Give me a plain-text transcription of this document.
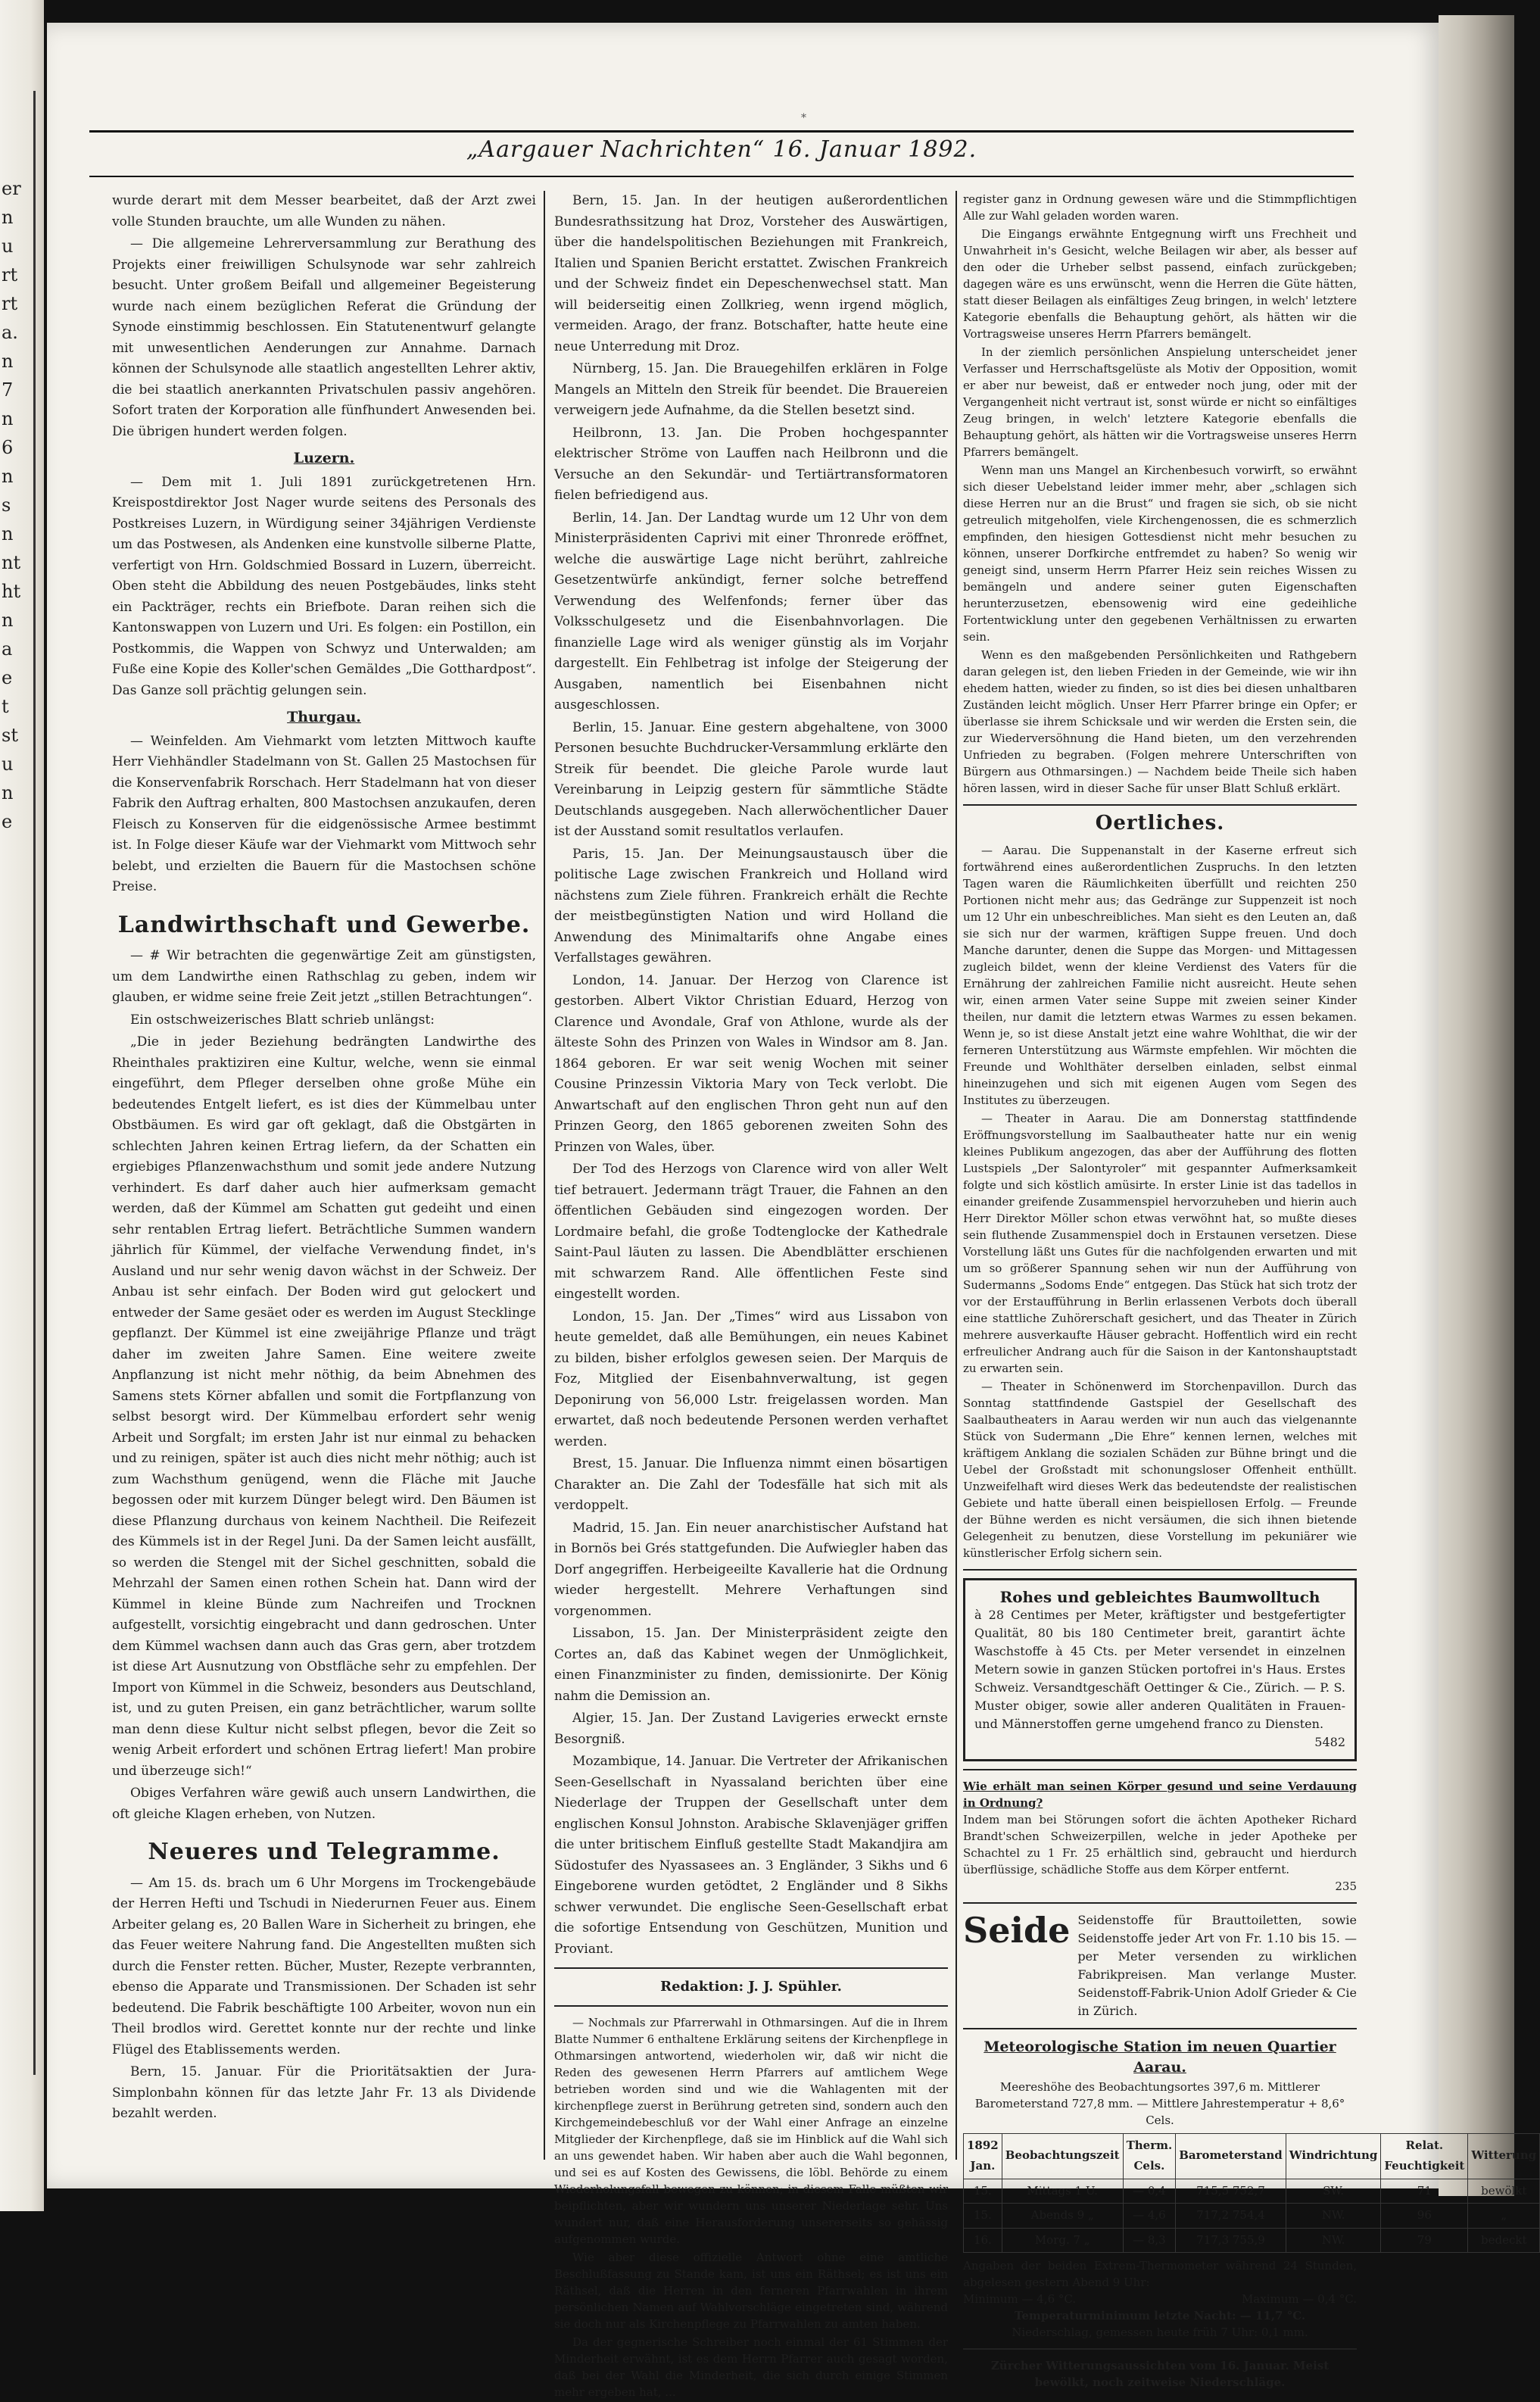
er
n
u
rt
rt
a.
n
7
n
6
n
s
n
nt
ht
n
a
e
t
st
u
n
e
*
„Aargauer Nachrichten“ 16. Januar 1892.

wurde derart mit dem Messer bearbeitet, daß der Arzt zwei volle Stunden brauchte, um alle Wunden zu nähen.

— Die allgemeine Lehrerversammlung zur Berathung des Projekts einer freiwilligen Schulsynode war sehr zahlreich besucht. Unter großem Beifall und allgemeiner Begeisterung wurde nach einem bezüglichen Referat die Gründung der Synode einstimmig beschlossen. Ein Statutenentwurf gelangte mit unwesentlichen Aenderungen zur Annahme. Darnach können der Schulsynode alle staatlich angestellten Lehrer aktiv, die bei staatlich anerkannten Privatschulen passiv angehören. Sofort traten der Korporation alle fünfhundert Anwesenden bei. Die übrigen hundert werden folgen.

Luzern.

— Dem mit 1. Juli 1891 zurückgetretenen Hrn. Kreispostdirektor Jost Nager wurde seitens des Personals des Postkreises Luzern, in Würdigung seiner 34jährigen Verdienste um das Postwesen, als Andenken eine kunstvolle silberne Platte, verfertigt von Hrn. Goldschmied Bossard in Luzern, überreicht. Oben steht die Abbildung des neuen Postgebäudes, links steht ein Packträger, rechts ein Briefbote. Daran reihen sich die Kantonswappen von Luzern und Uri. Es folgen: ein Postillon, ein Postkommis, die Wappen von Schwyz und Unterwalden; am Fuße eine Kopie des Koller'schen Gemäldes „Die Gotthardpost“. Das Ganze soll prächtig gelungen sein.

Thurgau.

— Weinfelden. Am Viehmarkt vom letzten Mittwoch kaufte Herr Viehhändler Stadelmann von St. Gallen 25 Mastochsen für die Konservenfabrik Rorschach. Herr Stadelmann hat von dieser Fabrik den Auftrag erhalten, 800 Mastochsen anzukaufen, deren Fleisch zu Konserven für die eidgenössische Armee bestimmt ist. In Folge dieser Käufe war der Viehmarkt vom Mittwoch sehr belebt, und erzielten die Bauern für die Mastochsen schöne Preise.

Landwirthschaft und Gewerbe.

— # Wir betrachten die gegenwärtige Zeit am günstigsten, um dem Landwirthe einen Rathschlag zu geben, indem wir glauben, er widme seine freie Zeit jetzt „stillen Betrachtungen“.

Ein ostschweizerisches Blatt schrieb unlängst:

„Die in jeder Beziehung bedrängten Landwirthe des Rheinthales praktiziren eine Kultur, welche, wenn sie einmal eingeführt, dem Pfleger derselben ohne große Mühe ein bedeutendes Entgelt liefert, es ist dies der Kümmelbau unter Obstbäumen. Es wird gar oft geklagt, daß die Obstgärten in schlechten Jahren keinen Ertrag liefern, da der Schatten ein ergiebiges Pflanzenwachsthum und somit jede andere Nutzung verhindert. Es darf daher auch hier aufmerksam gemacht werden, daß der Kümmel am Schatten gut gedeiht und einen sehr rentablen Ertrag liefert. Beträchtliche Summen wandern jährlich für Kümmel, der vielfache Verwendung findet, in's Ausland und nur sehr wenig davon wächst in der Schweiz. Der Anbau ist sehr einfach. Der Boden wird gut gelockert und entweder der Same gesäet oder es werden im August Stecklinge gepflanzt. Der Kümmel ist eine zweijährige Pflanze und trägt daher im zweiten Jahre Samen. Eine weitere zweite Anpflanzung ist nicht mehr nöthig, da beim Abnehmen des Samens stets Körner abfallen und somit die Fortpflanzung von selbst besorgt wird. Der Kümmelbau erfordert sehr wenig Arbeit und Sorgfalt; im ersten Jahr ist nur einmal zu behacken und zu reinigen, später ist auch dies nicht mehr nöthig; auch ist zum Wachsthum genügend, wenn die Fläche mit Jauche begossen oder mit kurzem Dünger belegt wird. Den Bäumen ist diese Pflanzung durchaus von keinem Nachtheil. Die Reifezeit des Kümmels ist in der Regel Juni. Da der Samen leicht ausfällt, so werden die Stengel mit der Sichel geschnitten, sobald die Mehrzahl der Samen einen rothen Schein hat. Dann wird der Kümmel in kleine Bünde zum Nachreifen und Trocknen aufgestellt, vorsichtig eingebracht und dann gedroschen. Unter dem Kümmel wachsen dann auch das Gras gern, aber trotzdem ist diese Art Ausnutzung von Obstfläche sehr zu empfehlen. Der Import von Kümmel in die Schweiz, besonders aus Deutschland, ist, und zu guten Preisen, ein ganz beträchtlicher, warum sollte man denn diese Kultur nicht selbst pflegen, bevor die Zeit so wenig Arbeit erfordert und schönen Ertrag liefert! Man probire und überzeuge sich!“

Obiges Verfahren wäre gewiß auch unsern Landwirthen, die oft gleiche Klagen erheben, von Nutzen.

Neueres und Telegramme.

— Am 15. ds. brach um 6 Uhr Morgens im Trockengebäude der Herren Hefti und Tschudi in Niederurnen Feuer aus. Einem Arbeiter gelang es, 20 Ballen Ware in Sicherheit zu bringen, ehe das Feuer weitere Nahrung fand. Die Angestellten mußten sich durch die Fenster retten. Bücher, Muster, Rezepte verbrannten, ebenso die Apparate und Transmissionen. Der Schaden ist sehr bedeutend. Die Fabrik beschäftigte 100 Arbeiter, wovon nun ein Theil brodlos wird. Gerettet konnte nur der rechte und linke Flügel des Etablissements werden.

Bern, 15. Januar. Für die Prioritätsaktien der Jura-Simplonbahn können für das letzte Jahr Fr. 13 als Dividende bezahlt werden.

Bern, 15. Jan. In der heutigen außerordentlichen Bundesrathssitzung hat Droz, Vorsteher des Auswärtigen, über die handelspolitischen Beziehungen mit Frankreich, Italien und Spanien Bericht erstattet. Zwischen Frankreich und der Schweiz findet ein Depeschenwechsel statt. Man will beiderseitig einen Zollkrieg, wenn irgend möglich, vermeiden. Arago, der franz. Botschafter, hatte heute eine neue Unterredung mit Droz.

Nürnberg, 15. Jan. Die Brauegehilfen erklären in Folge Mangels an Mitteln den Streik für beendet. Die Brauereien verweigern jede Aufnahme, da die Stellen besetzt sind.

Heilbronn, 13. Jan. Die Proben hochgespannter elektrischer Ströme von Lauffen nach Heilbronn und die Versuche an den Sekundär- und Tertiärtransformatoren fielen befriedigend aus.

Berlin, 14. Jan. Der Landtag wurde um 12 Uhr von dem Ministerpräsidenten Caprivi mit einer Thronrede eröffnet, welche die auswärtige Lage nicht berührt, zahlreiche Gesetzentwürfe ankündigt, ferner solche betreffend Verwendung des Welfenfonds; ferner über das Volksschulgesetz und die Eisenbahnvorlagen. Die finanzielle Lage wird als weniger günstig als im Vorjahr dargestellt. Ein Fehlbetrag ist infolge der Steigerung der Ausgaben, namentlich bei Eisenbahnen nicht ausgeschlossen.

Berlin, 15. Januar. Eine gestern abgehaltene, von 3000 Personen besuchte Buchdrucker-Versammlung erklärte den Streik für beendet. Die gleiche Parole wurde laut Vereinbarung in Leipzig gestern für sämmtliche Städte Deutschlands ausgegeben. Nach allerwöchentlicher Dauer ist der Ausstand somit resultatlos verlaufen.

Paris, 15. Jan. Der Meinungsaustausch über die politische Lage zwischen Frankreich und Holland wird nächstens zum Ziele führen. Frankreich erhält die Rechte der meistbegünstigten Nation und wird Holland die Anwendung des Minimaltarifs ohne Angabe eines Verfallstages gewähren.

London, 14. Januar. Der Herzog von Clarence ist gestorben. Albert Viktor Christian Eduard, Herzog von Clarence und Avondale, Graf von Athlone, wurde als der älteste Sohn des Prinzen von Wales in Windsor am 8. Jan. 1864 geboren. Er war seit wenig Wochen mit seiner Cousine Prinzessin Viktoria Mary von Teck verlobt. Die Anwartschaft auf den englischen Thron geht nun auf den Prinzen Georg, den 1865 geborenen zweiten Sohn des Prinzen von Wales, über.

Der Tod des Herzogs von Clarence wird von aller Welt tief betrauert. Jedermann trägt Trauer, die Fahnen an den öffentlichen Gebäuden sind eingezogen worden. Der Lordmaire befahl, die große Todtenglocke der Kathedrale Saint-Paul läuten zu lassen. Die Abendblätter erschienen mit schwarzem Rand. Alle öffentlichen Feste sind eingestellt worden.

London, 15. Jan. Der „Times“ wird aus Lissabon von heute gemeldet, daß alle Bemühungen, ein neues Kabinet zu bilden, bisher erfolglos gewesen seien. Der Marquis de Foz, Mitglied der Eisenbahnverwaltung, ist gegen Deponirung von 56,000 Lstr. freigelassen worden. Man erwartet, daß noch bedeutende Personen werden verhaftet werden.

Brest, 15. Januar. Die Influenza nimmt einen bösartigen Charakter an. Die Zahl der Todesfälle hat sich mit als verdoppelt.

Madrid, 15. Jan. Ein neuer anarchistischer Aufstand hat in Bornös bei Grés stattgefunden. Die Aufwiegler haben das Dorf angegriffen. Herbeigeeilte Kavallerie hat die Ordnung wieder hergestellt. Mehrere Verhaftungen sind vorgenommen.

Lissabon, 15. Jan. Der Ministerpräsident zeigte den Cortes an, daß das Kabinet wegen der Unmöglichkeit, einen Finanzminister zu finden, demissionirte. Der König nahm die Demission an.

Algier, 15. Jan. Der Zustand Lavigeries erweckt ernste Besorgniß.

Mozambique, 14. Januar. Die Vertreter der Afrikanischen Seen-Gesellschaft in Nyassaland berichten über eine Niederlage der Truppen der Gesellschaft unter dem englischen Konsul Johnston. Arabische Sklavenjäger griffen die unter britischem Einfluß gestellte Stadt Makandjira am Südostufer des Nyassasees an. 3 Engländer, 3 Sikhs und 6 Eingeborene wurden getödtet, 2 Engländer und 8 Sikhs schwer verwundet. Die englische Seen-Gesellschaft erbat die sofortige Entsendung von Geschützen, Munition und Proviant.

Redaktion: J. J. Spühler.

— Nochmals zur Pfarrerwahl in Othmarsingen. Auf die in Ihrem Blatte Nummer 6 enthaltene Erklärung seitens der Kirchenpflege in Othmarsingen antwortend, wiederholen wir, daß wir nicht die Reden des gewesenen Herrn Pfarrers auf amtlichem Wege betrieben worden sind und wie die Wahlagenten mit der kirchenpflege zuerst in Berührung getreten sind, sondern auch den Kirchgemeindebeschluß vor der Wahl einer Anfrage an einzelne Mitglieder der Kirchenpflege, daß sie im Hinblick auf die Wahl sich an uns gewendet haben. Wir haben aber auch die Wahl begonnen, und sei es auf Kosten des Gewissens, die löbl. Behörde zu einem Wiederholungsfall bewegen zu können; in diesem Falle müßten wir beipflichten, aber wir wundern uns unserer Niederlage sehr. Uns wundert nur, daß eine Herausforderung unsererseits so gehässig aufgenommen wurde.

Wie aber diese offizielle Antwort ohne eine amtliche Beschlußfassung zu Stande kam, ist uns ein Räthsel; es ist uns ein Räthsel, daß die Herren in den ferneren Pfarrwahlen in ihrem persönlichen Namen auf Wahlvorschläge eingetreten sind, während sie doch nur als Kirchenpflege zu Pfarrwahlen zu amten haben.

Da der gegnerische Schreiber noch einmal der 61 Stimmen der Minderheit erwähnt, ist es dem Herrn Pfarrer auch gesagt worden, daß bei der Wahl die Minderheit, die sich durch einige Stimmen mehr ergeben hat, ...

register ganz in Ordnung gewesen wäre und die Stimmpflichtigen Alle zur Wahl geladen worden waren.

Die Eingangs erwähnte Entgegnung wirft uns Frechheit und Unwahrheit in's Gesicht, welche Beilagen wir aber, als besser auf den oder die Urheber selbst passend, einfach zurückgeben; dagegen wäre es uns erwünscht, wenn die Herren die Güte hätten, statt dieser Beilagen als einfältiges Zeug bringen, in welch' letztere Kategorie ebenfalls die Behauptung gehört, als hätten wir die Vortragsweise unseres Herrn Pfarrers bemängelt.

In der ziemlich persönlichen Anspielung unterscheidet jener Verfasser und Herrschaftsgelüste als Motiv der Opposition, womit er aber nur beweist, daß er entweder noch jung, oder mit der Vergangenheit nicht vertraut ist, sonst würde er nicht so einfältiges Zeug bringen, in welch' letztere Kategorie ebenfalls die Behauptung gehört, als hätten wir die Vortragsweise unseres Herrn Pfarrers bemängelt.

Wenn man uns Mangel an Kirchenbesuch vorwirft, so erwähnt sich dieser Uebelstand leider immer mehr, aber „schlagen sich diese Herren nur an die Brust“ und fragen sie sich, ob sie nicht getreulich mitgeholfen, viele Kirchengenossen, die es schmerzlich empfinden, den hiesigen Gottesdienst nicht mehr besuchen zu können, unserer Dorfkirche entfremdet zu haben? So wenig wir geneigt sind, unserm Herrn Pfarrer Heiz sein reiches Wissen zu bemängeln und andere seiner guten Eigenschaften herunterzusetzen, ebensowenig wird eine gedeihliche Fortentwicklung unter den gegebenen Verhältnissen zu erwarten sein.

Wenn es den maßgebenden Persönlichkeiten und Rathgebern daran gelegen ist, den lieben Frieden in der Gemeinde, wie wir ihn ehedem hatten, wieder zu finden, so ist dies bei diesen unhaltbaren Zuständen leicht möglich. Unser Herr Pfarrer bringe ein Opfer; er überlasse sie ihrem Schicksale und wir werden die Ersten sein, die zur Wiederversöhnung die Hand bieten, um den verzehrenden Unfrieden zu begraben. (Folgen mehrere Unterschriften von Bürgern aus Othmarsingen.) — Nachdem beide Theile sich haben hören lassen, wird in dieser Sache für unser Blatt Schluß erklärt.

Oertliches.

— Aarau. Die Suppenanstalt in der Kaserne erfreut sich fortwährend eines außerordentlichen Zuspruchs. In den letzten Tagen waren die Räumlichkeiten überfüllt und reichten 250 Portionen nicht mehr aus; das Gedränge zur Suppenzeit ist noch um 12 Uhr ein unbeschreibliches. Man sieht es den Leuten an, daß sie sich nur der warmen, kräftigen Suppe freuen. Und doch Manche darunter, denen die Suppe das Morgen- und Mittagessen zugleich bildet, wenn der kleine Verdienst des Vaters für die Ernährung der zahlreichen Familie nicht ausreicht. Heute sehen wir, einen armen Vater seine Suppe mit zweien seiner Kinder theilen, nur damit die letztern etwas Warmes zu essen bekamen. Wenn je, so ist diese Anstalt jetzt eine wahre Wohlthat, die wir der ferneren Unterstützung aus Wärmste empfehlen. Wir möchten die Freunde und Wohlthäter derselben einladen, selbst einmal hineinzugehen und sich mit eigenen Augen vom Segen des Institutes zu überzeugen.

— Theater in Aarau. Die am Donnerstag stattfindende Eröffnungsvorstellung im Saalbautheater hatte nur ein wenig kleines Publikum angezogen, das aber der Aufführung des flotten Lustspiels „Der Salontyroler“ mit gespannter Aufmerksamkeit folgte und sich köstlich amüsirte. In erster Linie ist das tadellos in einander greifende Zusammenspiel hervorzuheben und hierin auch Herr Direktor Möller schon etwas verwöhnt hat, so mußte dieses sein fluthende Zusammenspiel doch in Erstaunen versetzen. Diese Vorstellung läßt uns Gutes für die nachfolgenden erwarten und mit um so größerer Spannung sehen wir nun der Aufführung von Sudermanns „Sodoms Ende“ entgegen. Das Stück hat sich trotz der vor der Erstaufführung in Berlin erlassenen Verbots doch überall eine stattliche Zuhörerschaft gesichert, und das Theater in Zürich mehrere ausverkaufte Häuser gebracht. Hoffentlich wird ein recht erfreulicher Andrang auch für die Saison in der Kantonshauptstadt zu erwarten sein.

— Theater in Schönenwerd im Storchenpavillon. Durch das Sonntag stattfindende Gastspiel der Gesellschaft des Saalbautheaters in Aarau werden wir nun auch das vielgenannte Stück von Sudermann „Die Ehre“ kennen lernen, welches mit kräftigem Anklang die sozialen Schäden zur Bühne bringt und die Uebel der Großstadt mit schonungsloser Offenheit enthüllt. Unzweifelhaft wird dieses Werk das bedeutendste der realistischen Gebiete und hatte überall einen beispiellosen Erfolg. — Freunde der Bühne werden es nicht versäumen, die sich ihnen bietende Gelegenheit zu benutzen, diese Vorstellung im pekuniärer wie künstlerischer Erfolg sichern sein.

Rohes und gebleichtes Baumwolltuch
à 28 Centimes per Meter, kräftigster und bestgefertigter Qualität, 80 bis 180 Centimeter breit, garantirt ächte Waschstoffe à 45 Cts. per Meter versendet in einzelnen Metern sowie in ganzen Stücken portofrei in's Haus. Erstes Schweiz. Versandtgeschäft Oettinger & Cie., Zürich. — P. S. Muster obiger, sowie aller anderen Qualitäten in Frauen- und Männerstoffen gerne umgehend franco zu Diensten.
5482
Wie erhält man seinen Körper gesund und seine Verdauung in Ordnung?
Indem man bei Störungen sofort die ächten Apotheker Richard Brandt'schen Schweizerpillen, welche in jeder Apotheke per Schachtel zu 1 Fr. 25 erhältlich sind, gebraucht und hierdurch überflüssige, schädliche Stoffe aus dem Körper entfernt.
235
Seide Seidenstoffe für Brauttoiletten, sowie Seidenstoffe jeder Art von Fr. 1.10 bis 15. — per Meter versenden zu wirklichen Fabrikpreisen. Man verlange Muster. Seidenstoff-Fabrik-Union Adolf Grieder & Cie in Zürich.
Meteorologische Station im neuen Quartier Aarau.
Meereshöhe des Beobachtungsortes 397,6 m. Mittlerer Barometerstand 727,8 mm. — Mittlere Jahrestemperatur + 8,6° Cels.
1892 Jan.	Beobachtungszeit	Therm. Cels.	Barometerstand	Windrichtung	Relat. Feuchtigkeit	Witterung
15.	Mittags 1 U.	— 0,4	715,5 752,7	SW.	71	bewölkt
15.	Abends 9 „	— 4,6	717,2 754,4	NW.	96	„
16.	Morg. 7 „	— 8,3	717,3 755,9	NW.	79	bedeckt
Angaben der beiden Extrem-Thermometer während 24 Stunden, abgelesen gestern Abend 9 Uhr:
Minimum — 4,6 °C.	Maximum — 0,4 °C.
Temperaturminimum letzte Nacht: — 11,7 °C.
Niederschlag, gemessen heute früh 7 Uhr: 0,1 mm.
Zürcher Witterungsaussichten vom 16. Januar. Meist bewölkt, noch zeitweise Niederschläge.
